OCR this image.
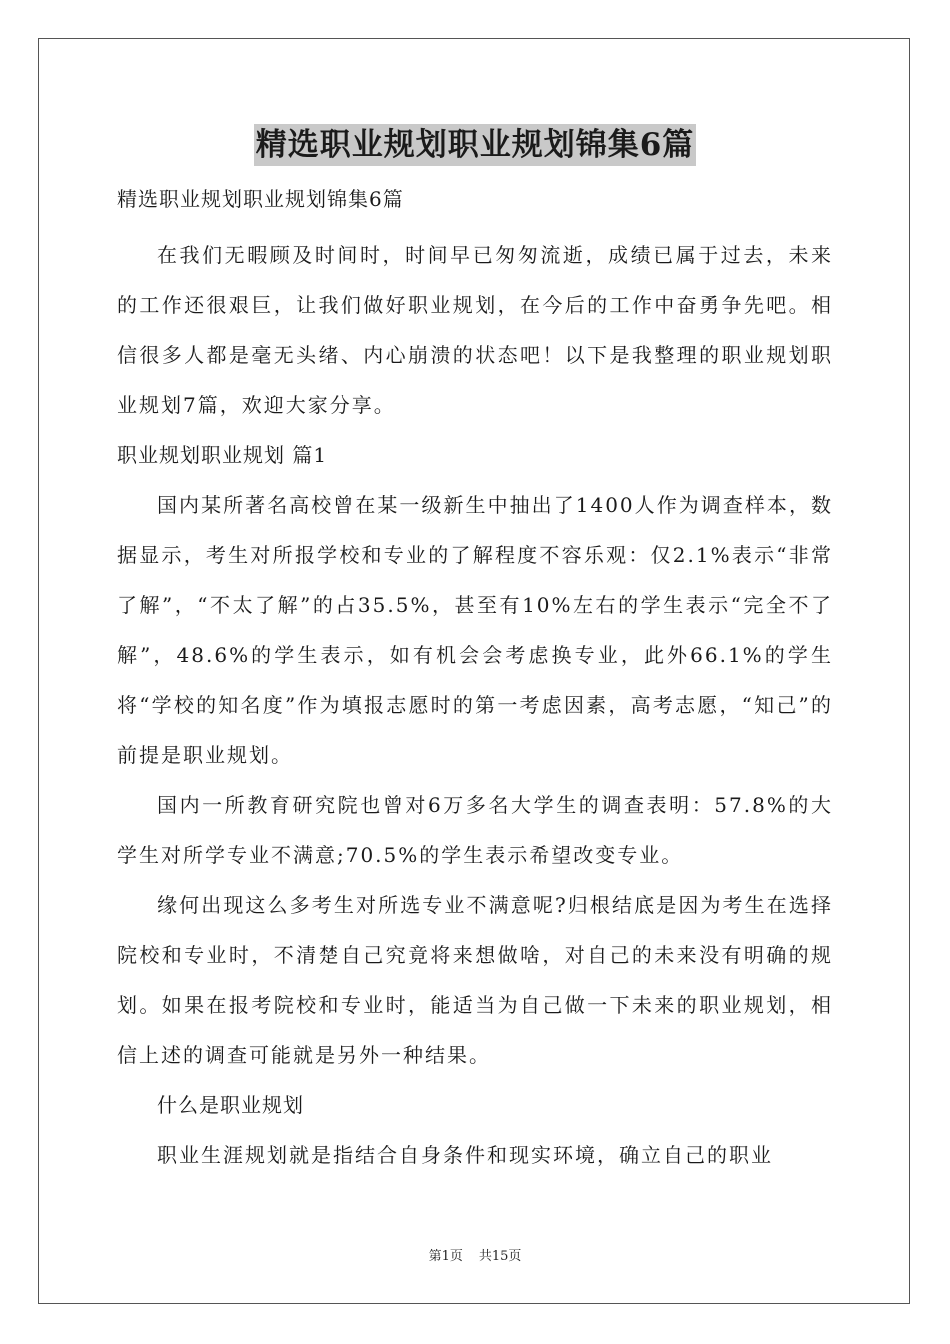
精选职业规划职业规划锦集6篇
精选职业规划职业规划锦集6篇

在我们无暇顾及时间时，时间早已匆匆流逝，成绩已属于过去，未来的工作还很艰巨，让我们做好职业规划，在今后的工作中奋勇争先吧。相信很多人都是毫无头绪、内心崩溃的状态吧！以下是我整理的职业规划职业规划7篇，欢迎大家分享。

职业规划职业规划 篇1

国内某所著名高校曾在某一级新生中抽出了1400人作为调查样本，数据显示，考生对所报学校和专业的了解程度不容乐观：仅2.1%表示“非常了解”，“不太了解”的占35.5%，甚至有10%左右的学生表示“完全不了解”，48.6%的学生表示，如有机会会考虑换专业，此外66.1%的学生将“学校的知名度”作为填报志愿时的第一考虑因素，高考志愿，“知己”的前提是职业规划。

国内一所教育研究院也曾对6万多名大学生的调查表明：57.8%的大学生对所学专业不满意;70.5%的学生表示希望改变专业。

缘何出现这么多考生对所选专业不满意呢?归根结底是因为考生在选择院校和专业时，不清楚自己究竟将来想做啥，对自己的未来没有明确的规划。如果在报考院校和专业时，能适当为自己做一下未来的职业规划，相信上述的调查可能就是另外一种结果。

什么是职业规划

职业生涯规划就是指结合自身条件和现实环境，确立自己的职业

第1页 共15页
